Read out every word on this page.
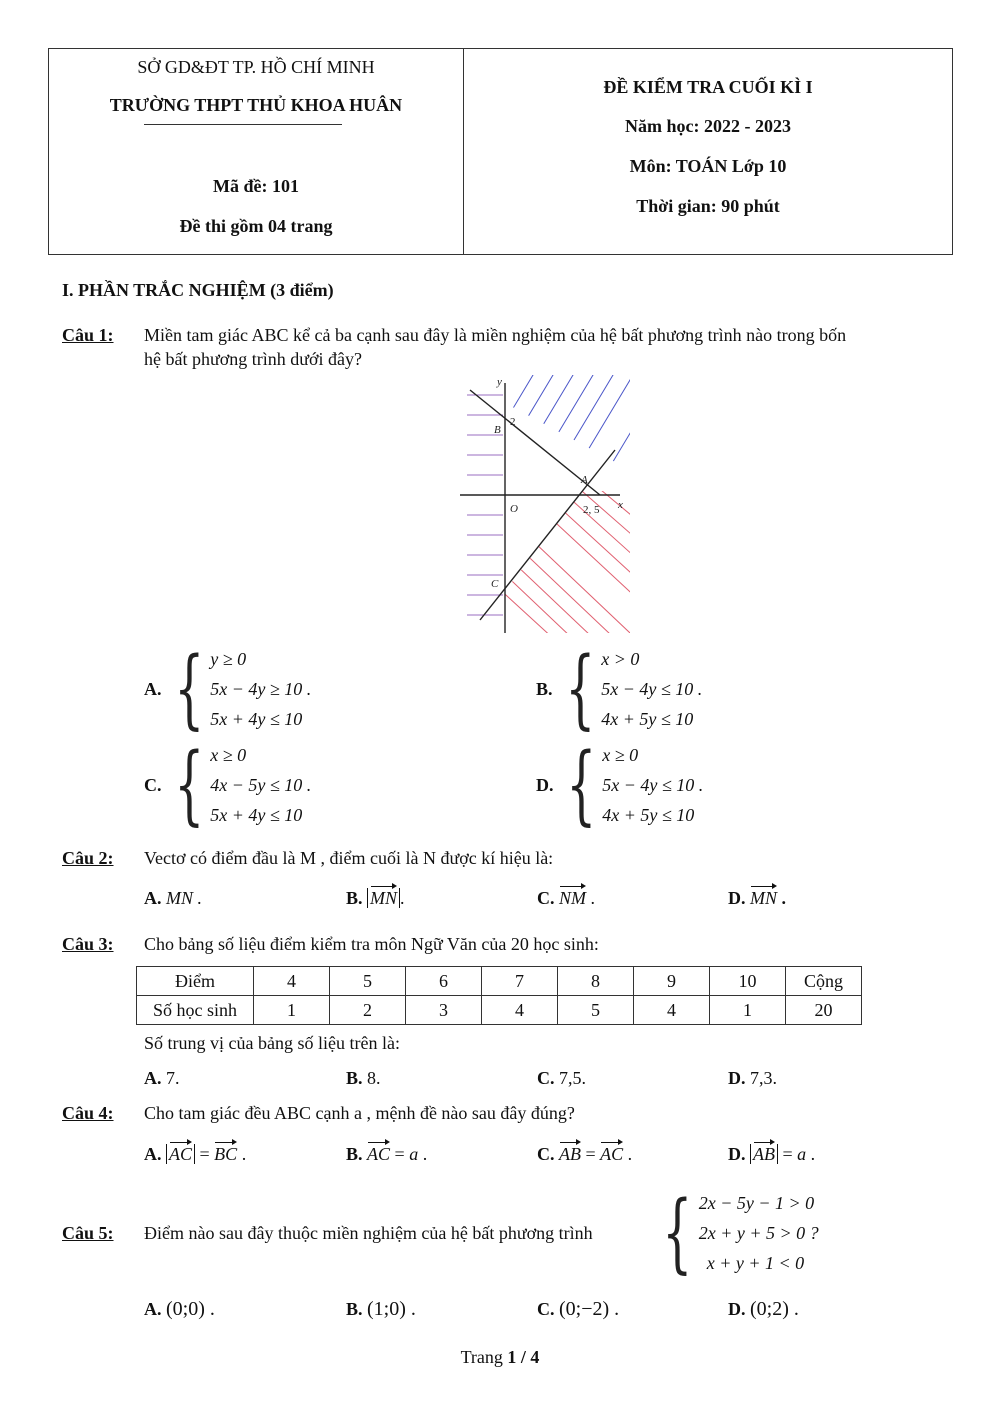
SỞ GD&ĐT TP. HỒ CHÍ MINH
TRƯỜNG THPT THỦ KHOA HUÂN
Mã đề: 101
Đề thi gồm 04 trang
ĐỀ KIỂM TRA CUỐI KÌ I
Năm học: 2022 - 2023
Môn: TOÁN Lớp 10
Thời gian: 90 phút
I. PHẦN TRẮC NGHIỆM (3 điểm)
Câu 1: Miền tam giác ABC kể cả ba cạnh sau đây là miền nghiệm của hệ bất phương trình nào trong bốn
hệ bất phương trình dưới đây?
y
x
O
B
2
A
2, 5
C
A. { y ≥ 0
5x − 4y ≥ 10 .
5x + 4y ≤ 10
B. { x > 0
5x − 4y ≤ 10 .
4x + 5y ≤ 10
C. { x ≥ 0
4x − 5y ≤ 10 .
5x + 4y ≤ 10
D. { x ≥ 0
5x − 4y ≤ 10 .
4x + 5y ≤ 10
Câu 2: Vectơ có điểm đầu là M , điểm cuối là N được kí hiệu là:
A. MN .	B. MN .	C. NM .	D. MN .
Câu 3: Cho bảng số liệu điểm kiểm tra môn Ngữ Văn của 20 học sinh:
Điểm	4	5	6	7	8	9	10	Cộng
Số học sinh	1	2	3	4	5	4	1	20
Số trung vị của bảng số liệu trên là:
A. 7.	B. 8.	C. 7,5.	D. 7,3.
Câu 4: Cho tam giác đều ABC cạnh a , mệnh đề nào sau đây đúng?
A. AC = BC .	B. AC = a .	C. AB = AC .	D. AB = a .
Câu 5: Điểm nào sau đây thuộc miền nghiệm của hệ bất phương trình { 2x − 5y − 1 > 0
2x + y + 5 > 0 ?
x + y + 1 < 0
A. (0;0) .	B. (1;0) .	C. (0;−2) .	D. (0;2) .
Trang 1 / 4
